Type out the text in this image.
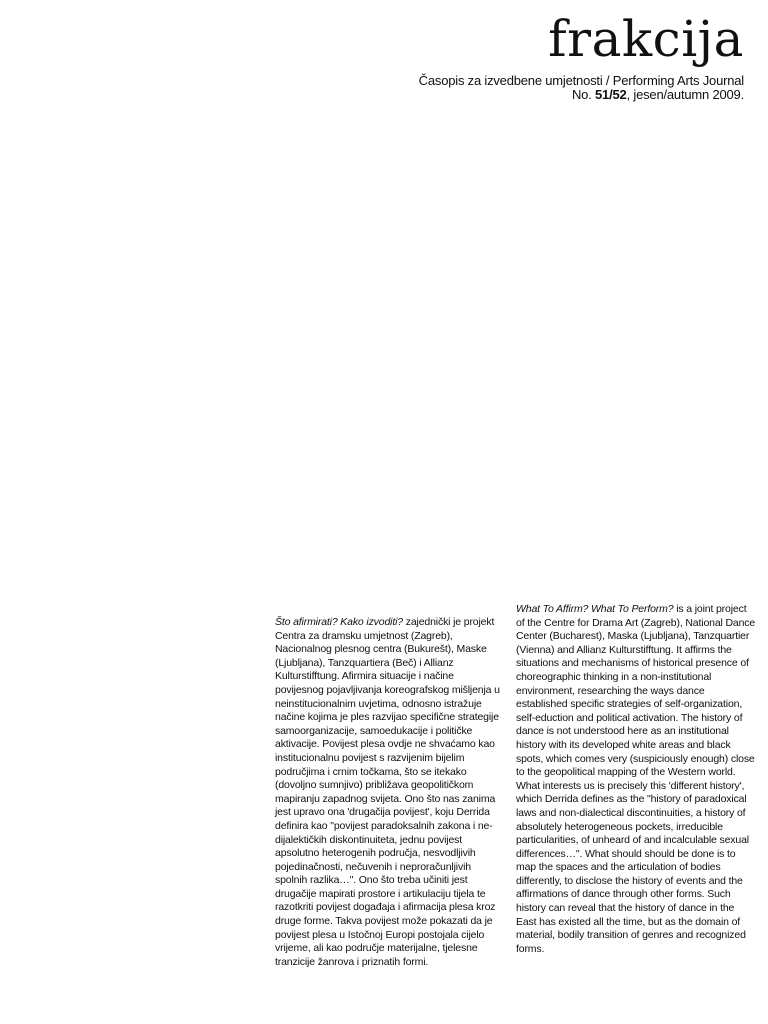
frakcija
Časopis za izvedbene umjetnosti / Performing Arts Journal
No. 51/52, jesen/autumn 2009.
Što afirmirati? Kako izvoditi? zajednički je projekt Centra za dramsku umjetnost (Zagreb), Nacionalnog plesnog centra (Bukurešt), Maske (Ljubljana), Tanzquartiera (Beč) i Allianz Kulturstifftung. Afirmira situacije i načine povijesnog pojavljivanja koreografskog mišljenja u neinstitucionalnim uvjetima, odnosno istražuje načine kojima je ples razvijao specifične strategije samoorganizacije, samoedukacije i političke aktivacije. Povijest plesa ovdje ne shvaćamo kao institucionalnu povijest s razvijenim bijelim područjima i crnim točkama, što se itekako (dovoljno sumnjivo) približava geopolitičkom mapiranju zapadnog svijeta. Ono što nas zanima jest upravo ona 'drugačija povijest', koju Derrida definira kao "povijest paradoksalnih zakona i ne-dijalektičkih diskontinuiteta, jednu povijest apsolutno heterogenih područja, nesvodljivih pojedinačnosti, nečuvenih i neproračunljivih spolnih razlika…". Ono što treba učiniti jest drugačije mapirati prostore i artikulaciju tijela te razotkriti povijest događaja i afirmacija plesa kroz druge forme. Takva povijest može pokazati da je povijest plesa u Istočnoj Europi postojala cijelo vrijeme, ali kao područje materijalne, tjelesne tranzicije žanrova i priznatih formi.
What To Affirm? What To Perform? is a joint project of the Centre for Drama Art (Zagreb), National Dance Center (Bucharest), Maska (Ljubljana), Tanzquartier (Vienna) and Allianz Kulturstifftung. It affirms the situations and mechanisms of historical presence of choreographic thinking in a non-institutional environment, researching the ways dance established specific strategies of self-organization, self-eduction and political activation. The history of dance is not understood here as an institutional history with its developed white areas and black spots, which comes very (suspiciously enough) close to the geopolitical mapping of the Western world. What interests us is precisely this 'different history', which Derrida defines as the "history of paradoxical laws and non-dialectical discontinuities, a history of absolutely heterogeneous pockets, irreducible particularities, of unheard of and incalculable sexual differences…". What should should be done is to map the spaces and the articulation of bodies differently, to disclose the history of events and the affirmations of dance through other forms. Such history can reveal that the history of dance in the East has existed all the time, but as the domain of material, bodily transition of genres and recognized forms.
